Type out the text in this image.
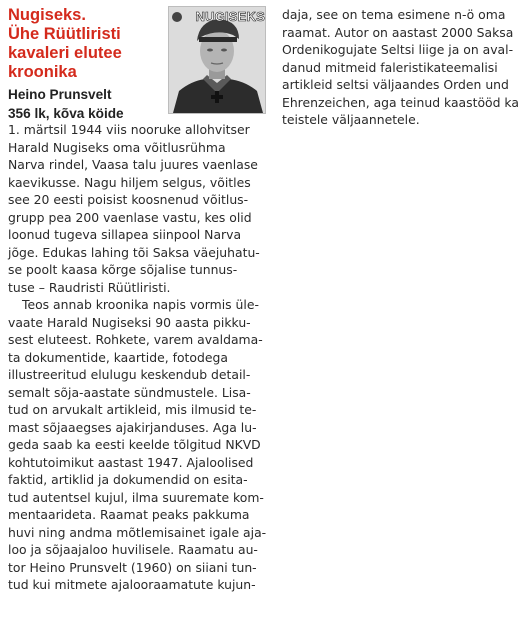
Nugiseks.
Ühe Rüütliristi
kavaleri elutee
kroonika
Heino Prunsvelt
356 lk, kõva köide
NUGISEKS
1. märtsil 1944 viis nooruke allohvitser
Harald Nugiseks oma võitlusrühma
Narva rindel, Vaasa talu juures vaenlase
kaevikusse. Nagu hiljem selgus, võitles
see 20 eesti poisist koosnenud võitlus-
grupp pea 200 vaenlase vastu, kes olid
loonud tugeva sillapea siinpool Narva
jõge. Edukas lahing tõi Saksa väejuhatu-
se poolt kaasa kõrge sõjalise tunnus-
tuse – Raudristi Rüütliristi.
Teos annab kroonika napis vormis üle-
vaate Harald Nugiseksi 90 aasta pikku-
sest eluteest. Rohkete, varem avaldama-
ta dokumentide, kaartide, fotodega
illustreeritud elulugu keskendub detail-
semalt sõja-aastate sündmustele. Lisa-
tud on arvukalt artikleid, mis ilmusid te-
mast sõjaaegses ajakirjanduses. Aga lu-
geda saab ka eesti keelde tõlgitud NKVD
kohtutoimikut aastast 1947. Ajaloolised
faktid, artiklid ja dokumendid on esita-
tud autentsel kujul, ilma suuremate kom-
mentaarideta. Raamat peaks pakkuma
huvi ning andma mõtlemisainet igale aja-
loo ja sõjaajaloo huvilisele. Raamatu au-
tor Heino Prunsvelt (1960) on siiani tun-
tud kui mitmete ajalooraamatute kujun-
daja, see on tema esimene n-ö oma
raamat. Autor on aastast 2000 Saksa
Ordenikogujate Seltsi liige ja on aval-
danud mitmeid faleristikateemalisi
artikleid seltsi väljaandes Orden und
Ehrenzeichen, aga teinud kaastööd ka
teistele väljaannetele.
